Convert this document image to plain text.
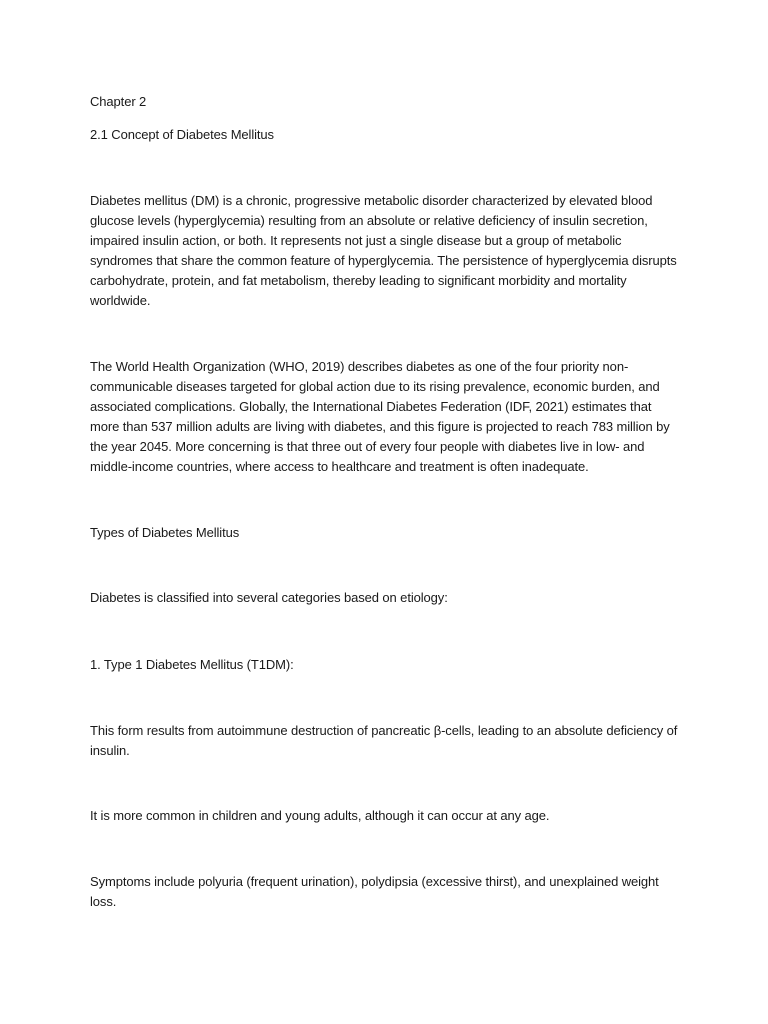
Chapter 2

2.1 Concept of Diabetes Mellitus

Diabetes mellitus (DM) is a chronic, progressive metabolic disorder characterized by elevated blood glucose levels (hyperglycemia) resulting from an absolute or relative deficiency of insulin secretion, impaired insulin action, or both. It represents not just a single disease but a group of metabolic syndromes that share the common feature of hyperglycemia. The persistence of hyperglycemia disrupts carbohydrate, protein, and fat metabolism, thereby leading to significant morbidity and mortality worldwide.

The World Health Organization (WHO, 2019) describes diabetes as one of the four priority non-communicable diseases targeted for global action due to its rising prevalence, economic burden, and associated complications. Globally, the International Diabetes Federation (IDF, 2021) estimates that more than 537 million adults are living with diabetes, and this figure is projected to reach 783 million by the year 2045. More concerning is that three out of every four people with diabetes live in low- and middle-income countries, where access to healthcare and treatment is often inadequate.

Types of Diabetes Mellitus

Diabetes is classified into several categories based on etiology:

1. Type 1 Diabetes Mellitus (T1DM):

This form results from autoimmune destruction of pancreatic β-cells, leading to an absolute deficiency of insulin.

It is more common in children and young adults, although it can occur at any age.

Symptoms include polyuria (frequent urination), polydipsia (excessive thirst), and unexplained weight loss.
